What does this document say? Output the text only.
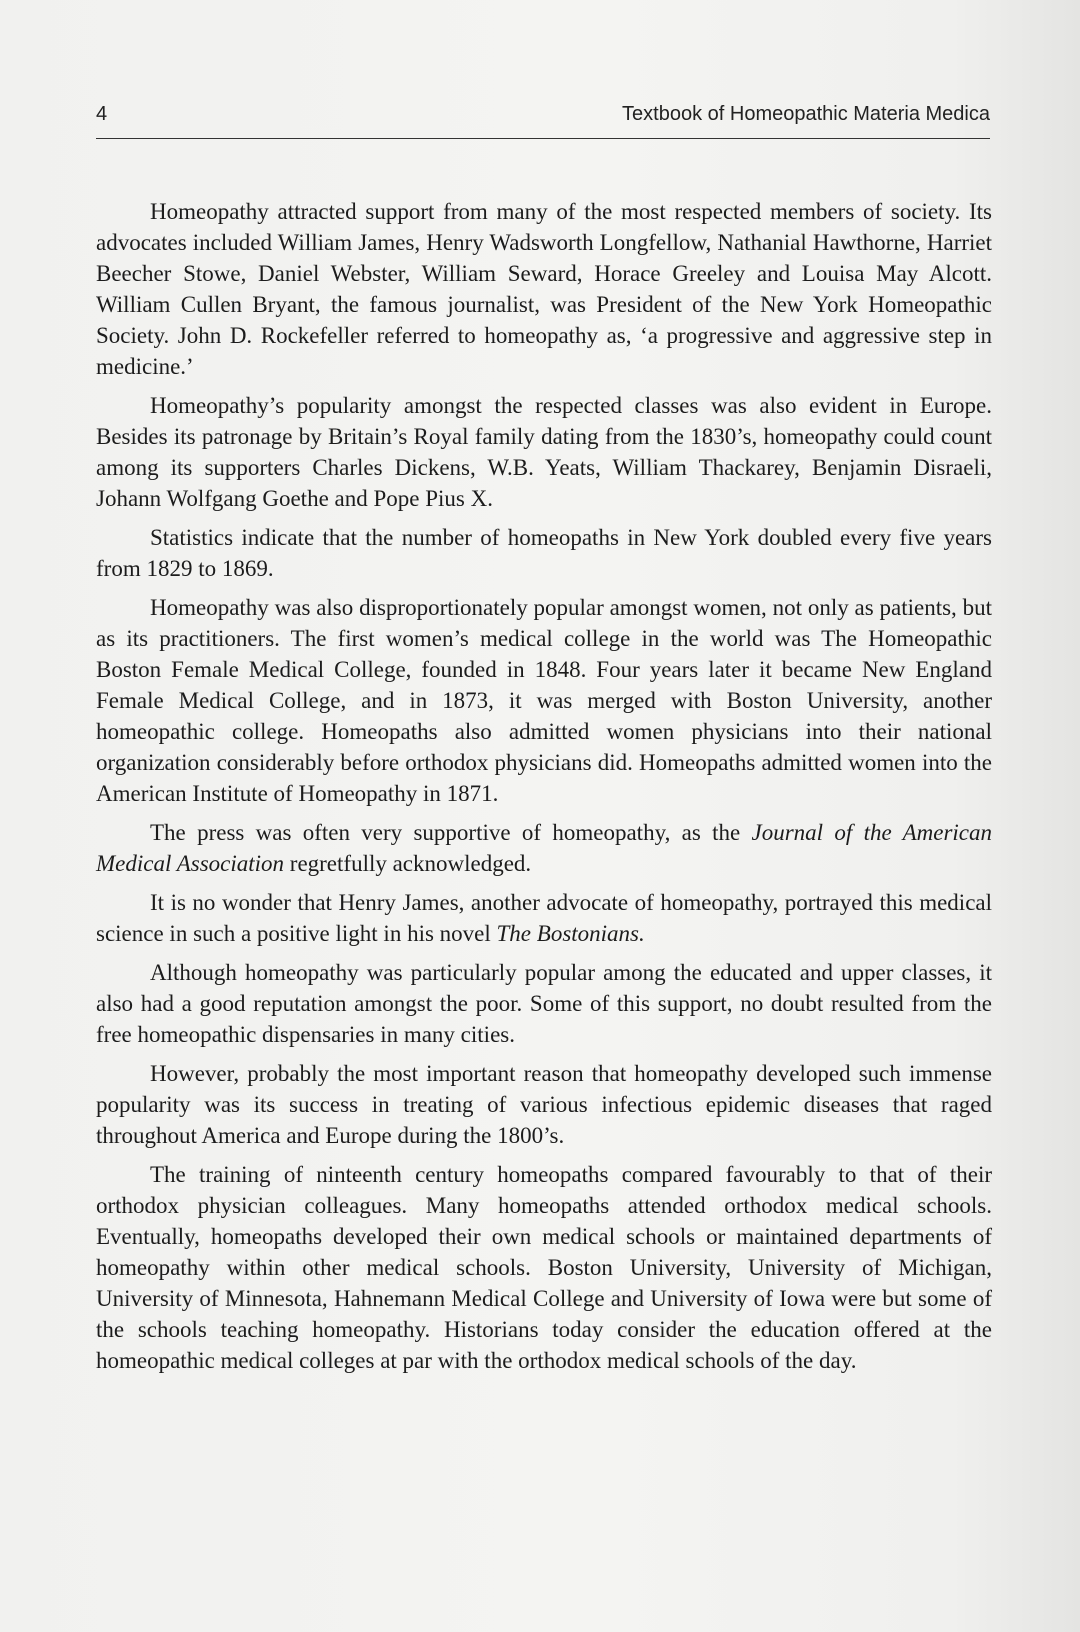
4	Textbook of Homeopathic Materia Medica

Homeopathy attracted support from many of the most respected members of society. Its advocates included William James, Henry Wadsworth Longfellow, Nathanial Hawthorne, Harriet Beecher Stowe, Daniel Webster, William Seward, Horace Greeley and Louisa May Alcott. William Cullen Bryant, the famous journalist, was President of the New York Homeopathic Society. John D. Rockefeller referred to homeopathy as, ‘a progressive and aggressive step in medicine.’

Homeopathy’s popularity amongst the respected classes was also evident in Europe. Besides its patronage by Britain’s Royal family dating from the 1830’s, homeopathy could count among its supporters Charles Dickens, W.B. Yeats, William Thackarey, Benjamin Disraeli, Johann Wolfgang Goethe and Pope Pius X.

Statistics indicate that the number of homeopaths in New York doubled every five years from 1829 to 1869.

Homeopathy was also disproportionately popular amongst women, not only as patients, but as its practitioners. The first women’s medical college in the world was The Homeopathic Boston Female Medical College, founded in 1848. Four years later it became New England Female Medical College, and in 1873, it was merged with Boston University, another homeopathic college. Homeopaths also admitted women physicians into their national organization considerably before orthodox physicians did. Homeopaths admitted women into the American Institute of Homeopathy in 1871.

The press was often very supportive of homeopathy, as the Journal of the American Medical Association regretfully acknowledged.

It is no wonder that Henry James, another advocate of homeopathy, portrayed this medical science in such a positive light in his novel The Bostonians.

Although homeopathy was particularly popular among the educated and upper classes, it also had a good reputation amongst the poor. Some of this support, no doubt resulted from the free homeopathic dispensaries in many cities.

However, probably the most important reason that homeopathy developed such immense popularity was its success in treating of various infectious epidemic diseases that raged throughout America and Europe during the 1800’s.

The training of ninteenth century homeopaths compared favourably to that of their orthodox physician colleagues. Many homeopaths attended orthodox medical schools. Eventually, homeopaths developed their own medical schools or maintained departments of homeopathy within other medical schools. Boston University, University of Michigan, University of Minnesota, Hahnemann Medical College and University of Iowa were but some of the schools teaching homeopathy. Historians today consider the education offered at the homeopathic medical colleges at par with the orthodox medical schools of the day.
